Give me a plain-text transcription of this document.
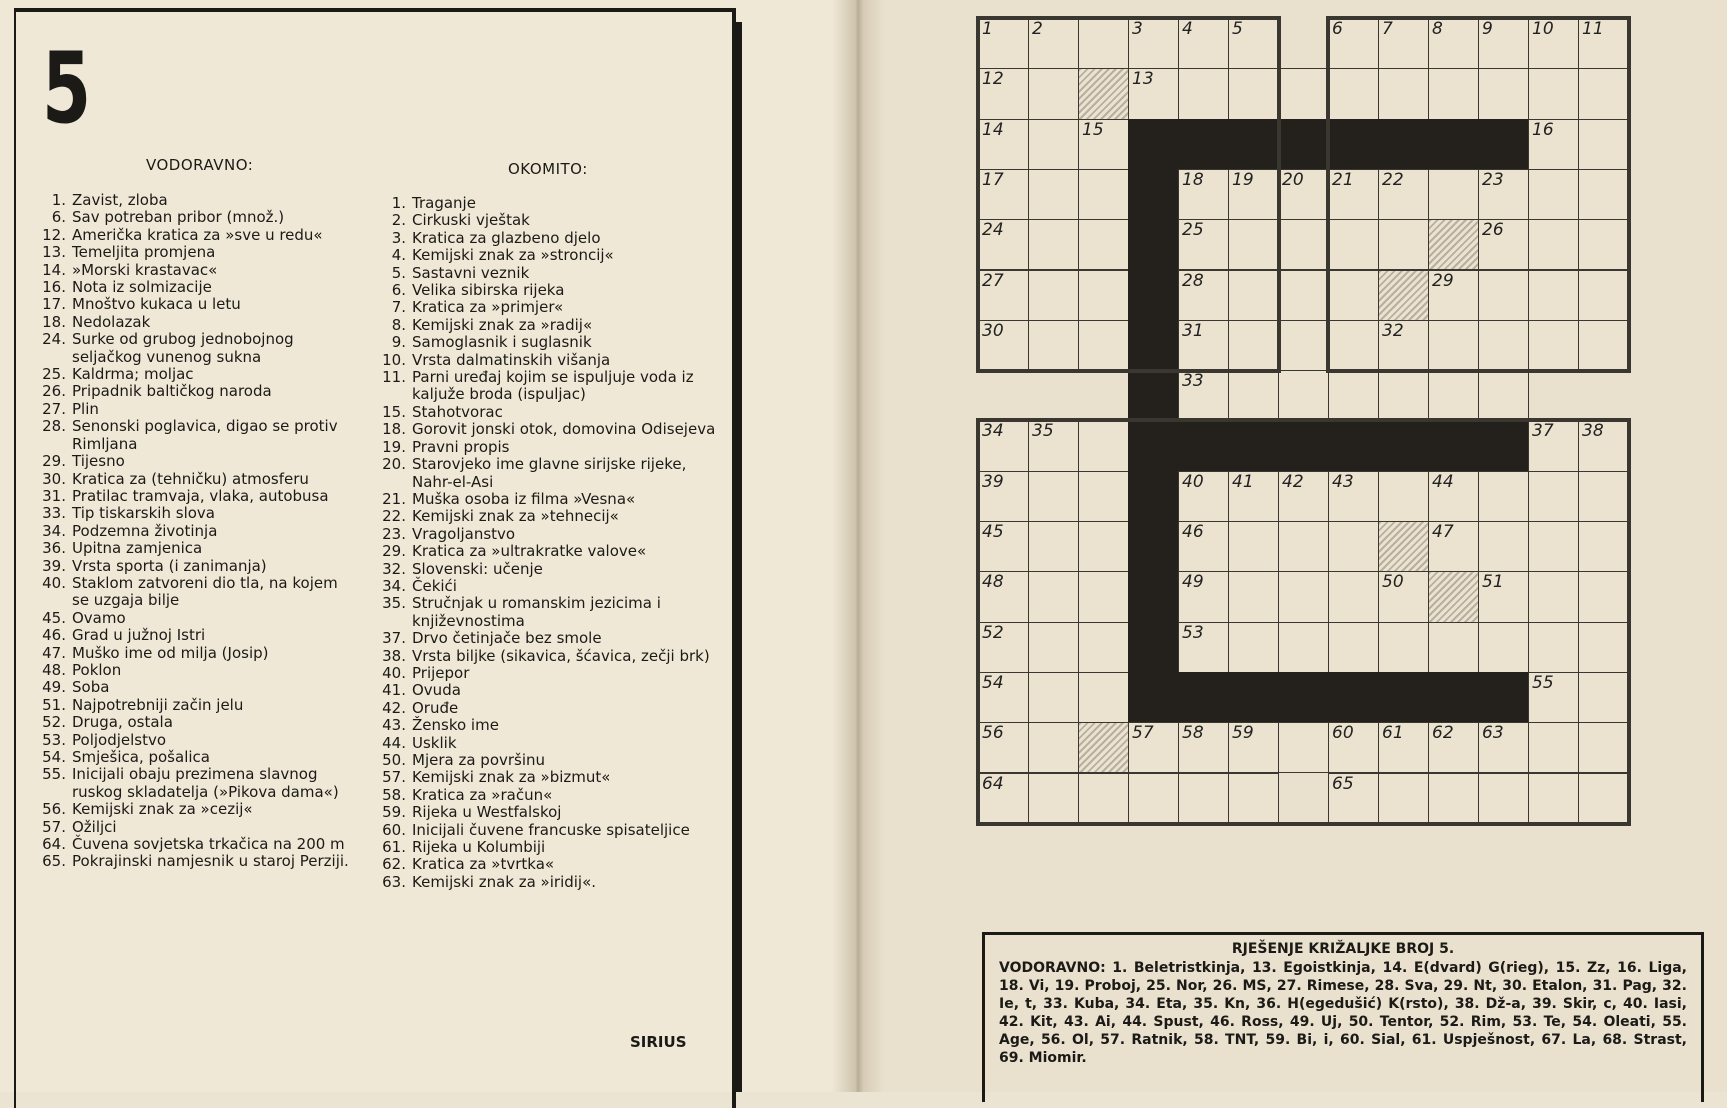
5
VODORAVNO:	OKOMITO:
1. Zavist, zloba
6. Sav potreban pribor (množ.)
12. Američka kratica za »sve u redu«
13. Temeljita promjena
14. »Morski krastavac«
16. Nota iz solmizacije
17. Mnoštvo kukaca u letu
18. Nedolazak
24. Surke od grubog jednobojnog seljačkog vunenog sukna
25. Kaldrma; moljac
26. Pripadnik baltičkog naroda
27. Plin
28. Senonski poglavica, digao se protiv Rimljana
29. Tijesno
30. Kratica za (tehničku) atmosferu
31. Pratilac tramvaja, vlaka, autobusa
33. Tip tiskarskih slova
34. Podzemna životinja
36. Upitna zamjenica
39. Vrsta sporta (i zanimanja)
40. Staklom zatvoreni dio tla, na kojem se uzgaja bilje
45. Ovamo
46. Grad u južnoj Istri
47. Muško ime od milja (Josip)
48. Poklon
49. Soba
51. Najpotrebniji začin jelu
52. Druga, ostala
53. Poljodjelstvo
54. Smješica, pošalica
55. Inicijali obaju prezimena slavnog ruskog skladatelja (»Pikova dama«)
56. Kemijski znak za »cezij«
57. Ožiljci
64. Čuvena sovjetska trkačica na 200 m
65. Pokrajinski namjesnik u staroj Perziji.
1. Traganje
2. Cirkuski vještak
3. Kratica za glazbeno djelo
4. Kemijski znak za »stroncij«
5. Sastavni veznik
6. Velika sibirska rijeka
7. Kratica za »primjer«
8. Kemijski znak za »radij«
9. Samoglasnik i suglasnik
10. Vrsta dalmatinskih višanja
11. Parni uređaj kojim se ispuljuje voda iz kaljuže broda (ispuljac)
15. Stahotvorac
18. Gorovit jonski otok, domovina Odisejeva
19. Pravni propis
20. Starovjeko ime glavne sirijske rijeke, Nahr-el-Asi
21. Muška osoba iz filma »Vesna«
22. Kemijski znak za »tehnecij«
23. Vragoljanstvo
29. Kratica za »ultrakratke valove«
32. Slovenski: učenje
34. Čekići
35. Stručnjak u romanskim jezicima i književnostima
37. Drvo četinjače bez smole
38. Vrsta biljke (sikavica, šćavica, zečji brk)
40. Prijepor
41. Ovuda
42. Oruđe
43. Žensko ime
44. Usklik
50. Mjera za površinu
57. Kemijski znak za »bizmut«
58. Kratica za »račun«
59. Rijeka u Westfalskoj
60. Inicijali čuvene francuske spisateljice
61. Rijeka u Kolumbiji
62. Kratica za »tvrtka«
63. Kemijski znak za »iridij«.
SIRIUS
1 2	3 4 5	6 7 8 9 10 11
12	13
14	15	16
17	18 19 20 21 22	23
24	25	26
27	28	29
30	31	32
33
34 35	36 37 38
39	40 41 42 43	44
45	46	47
48	49	50	51
52	53
54	55
56	57 58 59	60 61 62 63
64	65
RJEŠENJE KRIŽALJKE BROJ 5.
VODORAVNO: 1. Beletristkinja, 13. Egoistkinja, 14. E(dvard) G(rieg), 15. Zz, 16. Liga, 18. Vi, 19. Proboj, 25. Nor, 26. MS, 27. Rimese, 28. Sva, 29. Nt, 30. Etalon, 31. Pag, 32. Ie, t, 33. Kuba, 34. Eta, 35. Kn, 36. H(egedušić) K(rsto), 38. Dž-a, 39. Skir, c, 40. Iasi, 42. Kit, 43. Ai, 44. Spust, 46. Ross, 49. Uj, 50. Tentor, 52. Rim, 53. Te, 54. Oleati, 55. Age, 56. Ol, 57. Ratnik, 58. TNT, 59. Bi, i, 60. Sial, 61. Uspješnost, 67. La, 68. Strast, 69. Miomir.
